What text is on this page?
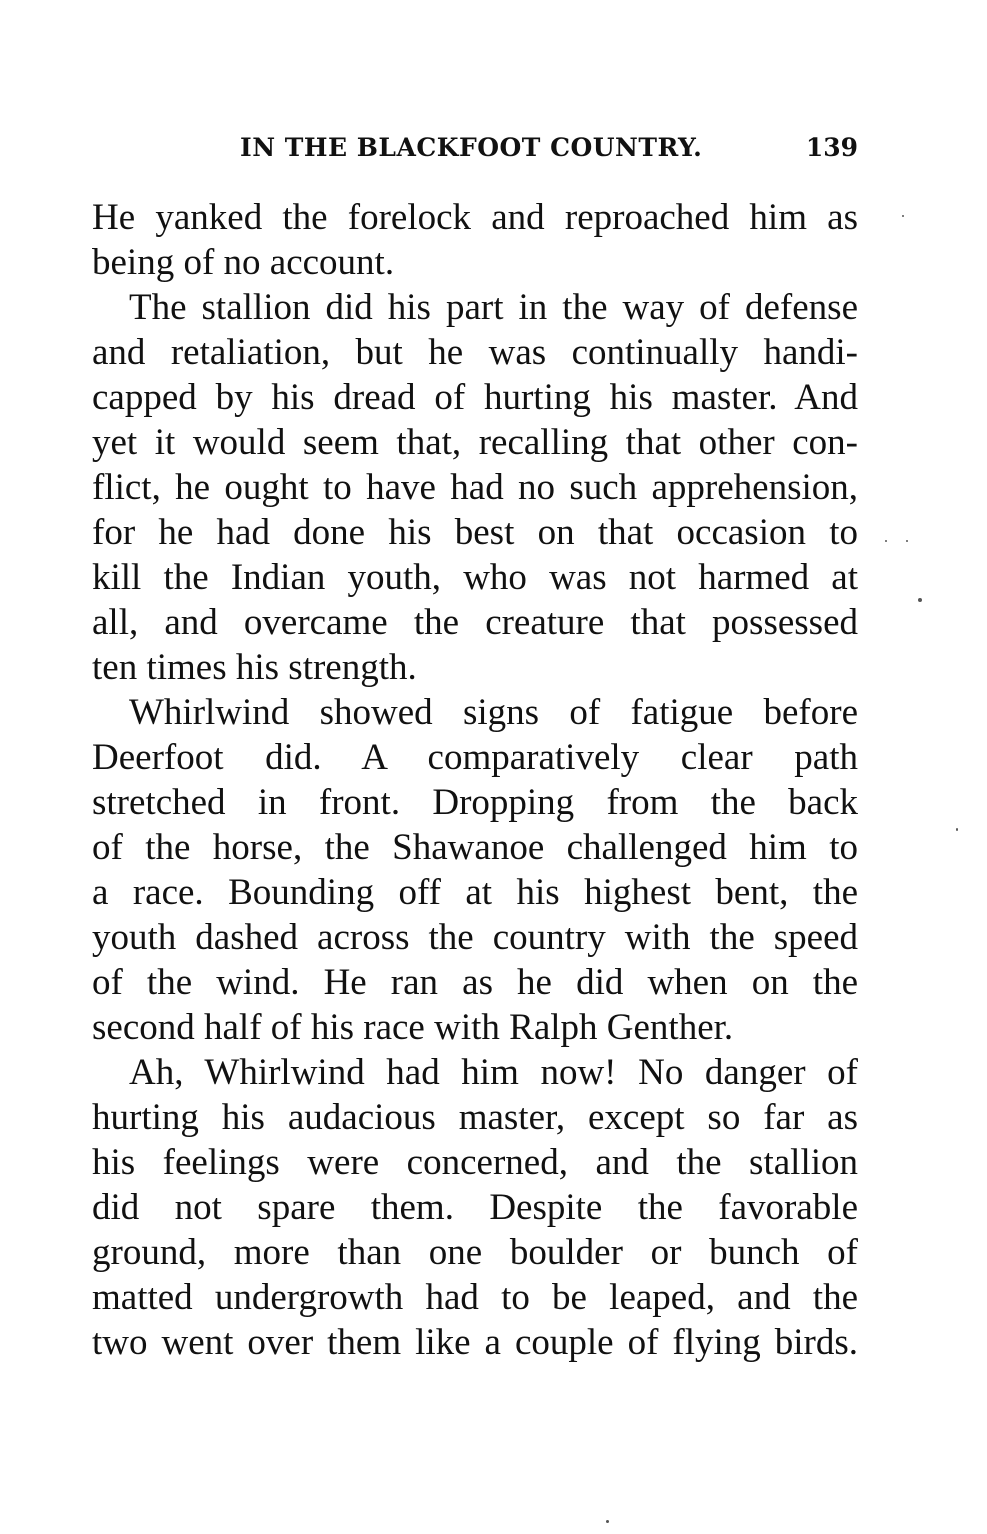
IN THE BLACKFOOT COUNTRY.	139
He yanked the forelock and reproached him as
being of no account.
The stallion did his part in the way of defense
and retaliation, but he was continually handi-
capped by his dread of hurting his master. And
yet it would seem that, recalling that other con-
flict, he ought to have had no such apprehension,
for he had done his best on that occasion to
kill the Indian youth, who was not harmed at
all, and overcame the creature that possessed
ten times his strength.
Whirlwind showed signs of fatigue before
Deerfoot did. A comparatively clear path
stretched in front. Dropping from the back
of the horse, the Shawanoe challenged him to
a race. Bounding off at his highest bent, the
youth dashed across the country with the speed
of the wind. He ran as he did when on the
second half of his race with Ralph Genther.
Ah, Whirlwind had him now! No danger of
hurting his audacious master, except so far as
his feelings were concerned, and the stallion
did not spare them. Despite the favorable
ground, more than one boulder or bunch of
matted undergrowth had to be leaped, and the
two went over them like a couple of flying birds.
